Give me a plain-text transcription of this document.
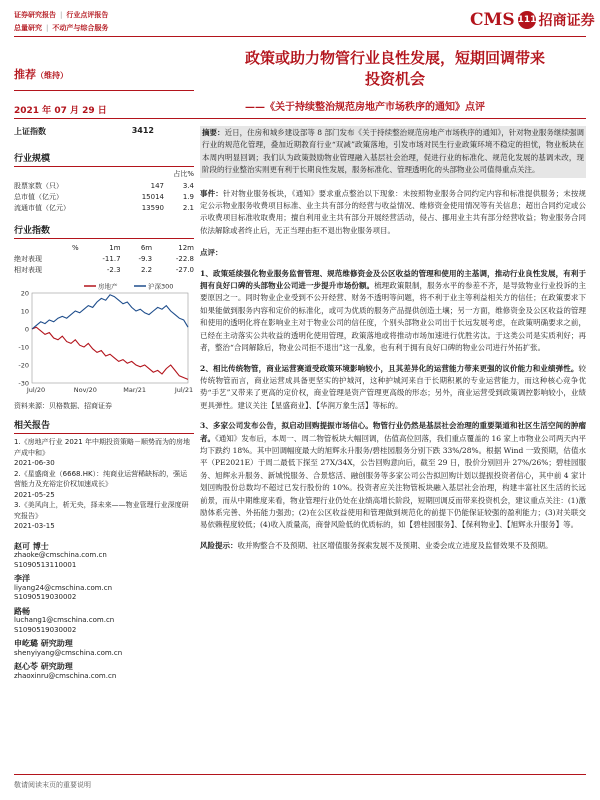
证券研究报告 | 行业点评报告
总量研究 | 不动产与综合服务	CMS 111 招商证券
政策或助力物管行业良性发展，短期回调带来
投资机会
——《关于持续整治规范房地产市场秩序的通知》点评
推荐（维持）
2021 年 07 月 29 日
上证指数	3412
行业规模
占比%
股票家数（只）	147	3.4
总市值（亿元）	15014	1.9
流通市值（亿元）	13590	2.1
行业指数
%	1m	6m	12m
绝对表现	-11.7	-9.3	-22.8
相对表现	-2.3	2.2	-27.0
20
10
0
-10
-20
-30
Jul/20	Nov/20	Mar/21	Jul/21
房地产	沪深300
资料来源：贝格数据、招商证券
相关报告
1.《房地产行业 2021 年中期投资策略－顺势而为的房地产成中和》
2021-06-30
2.《星盛商业（6668.HK）：纯商业运营稀缺标的，强运营能力及充裕定价权加速成长》
2021-05-25
3.《美风向上，析无央，择未来——物业管理行业深度研究报告》
2021-03-15
赵可 博士
zhaoke@cmschina.com.cn
S1090513110001
李洋
liyang24@cmschina.com.cn
S1090519030002
路畅
luchang1@cmschina.com.cn
S1090519030002
申屹璐 研究助理
shenyiyang@cmschina.com.cn
赵心苓 研究助理
zhaoxinru@cmschina.com.cn
摘要：近日，住房和城乡建设部等 8 部门发布《关于持续整治规范房地产市场秩序的通知》，针对物业服务继续强调行业的规范化管理，叠加近期教育行业“双减”政策落地，引发市场对民生行业政策环境不稳定的担忧，物业板块在本周内明显回调；我们认为政策鼓励物业管理融入基层社会治理，促进行业的标准化、规范化发展的基调未改，现阶段的行业整治实则更有利于长期良性发展，服务标准化、管理透明化的头部物业公司值得重点关注。
事件：针对物业服务板块，《通知》要求重点整治以下现象：未按照物业服务合同约定内容和标准提供服务；未按规定公示物业服务收费项目标准、业主共有部分的经营与收益情况、维修资金使用情况等有关信息；超出合同约定或公示收费项目标准收取费用；擅自利用业主共有部分开展经营活动，侵占、挪用业主共有部分经营收益；物业服务合同依法解除或者终止后，无正当理由拒不退出物业服务项目。
点评：
1、政策延续强化物业服务监督管理、规范维修资金及公区收益的管理和使用的主基调，推动行业良性发展，有利于拥有良好口碑的头部物业公司进一步提升市场份额。梳理政策限制，服务水平的参差不齐，是导致物业行业投诉的主要原因之一。同时物业企业受到不公开经营、财务不透明等问题，将不利于业主等利益相关方的信任；在政策要求下如果能做到服务内容和定价的标准化，或可为优质的服务产品提供创造土壤；另一方面，维修资金及公区收益的管理和使用的透明化将在影响业主对于物业公司的信任度，个别头部物业公司出于长远发展考虑，在政策明确要求之前，已经在主动落实公共收益的透明化使用管理，政策落地或将推动市场加速进行优胜劣汰。于这类公司是实质利好；再者，整治“合同解除后，物业公司拒不退出”这一乱象，也有利于拥有良好口碑的物业公司进行外拓扩张。
2、相比传统物管，商业运营赛道受政策环境影响较小，且其差异化的运营能力带来更强的议价能力和业绩弹性。较传统物管而言，商业运营成具备更坚实的护城河，这种护城河来自于长期积累的专业运营能力，而这种核心竞争优势“手艺”又带来了更高的定价权，商业管理是资产管理更高级的形态；另外，商业运营受到政策调控影响较小，业绩更具弹性。建议关注【星盛商业】、【华润万象生活】等标的。
3、多家公司发布公告，拟启动回购提振市场信心。物管行业仍然是基层社会治理的重要渠道和社区生活空间的肿瘤者。《通知》发布后，本周一、周二物管板块大幅回调，估值高位回落，我们重点覆盖的 16 家上市物业公司两天内平均下跌约 18%。其中回调幅度最大的旭辉永升服务/碧桂园服务分别下跌 33%/28%。根据 Wind 一致预期，估值水平（PE2021E）于周二最低下探至 27X/34X，公告回购意向后，截至 29 日，股价分别回升 27%/26%；碧桂园服务、旭辉永升服务、新城悦服务、合景悠活、融创服务等多家公司公告拟回购计划以提振投资者信心，其中前 4 家计划回购股份总数均不超过已发行股份的 10%。投资者应关注物管板块融入基层社会治理，构建丰富社区生活的长远前景，而从中期维度来看，物业管理行业仍处在业绩高增长阶段，短期回调反而带来投资机会，建议重点关注：(1)激励体系完善、外拓能力强劲；(2)在公区收益使用和管理做到规范化的前提下仍能保证较强的盈利能力；(3)对关联交易依赖程度较低；(4)收入质量高，商誉风险低的优质标的，如【碧桂园服务】、【保利物业】、【旭辉永升服务】等。
风险提示：收并购整合不及预期、社区增值服务探索发展不及预期、业委会成立进度及监督效果不及预期。
敬请阅读末页的重要说明
